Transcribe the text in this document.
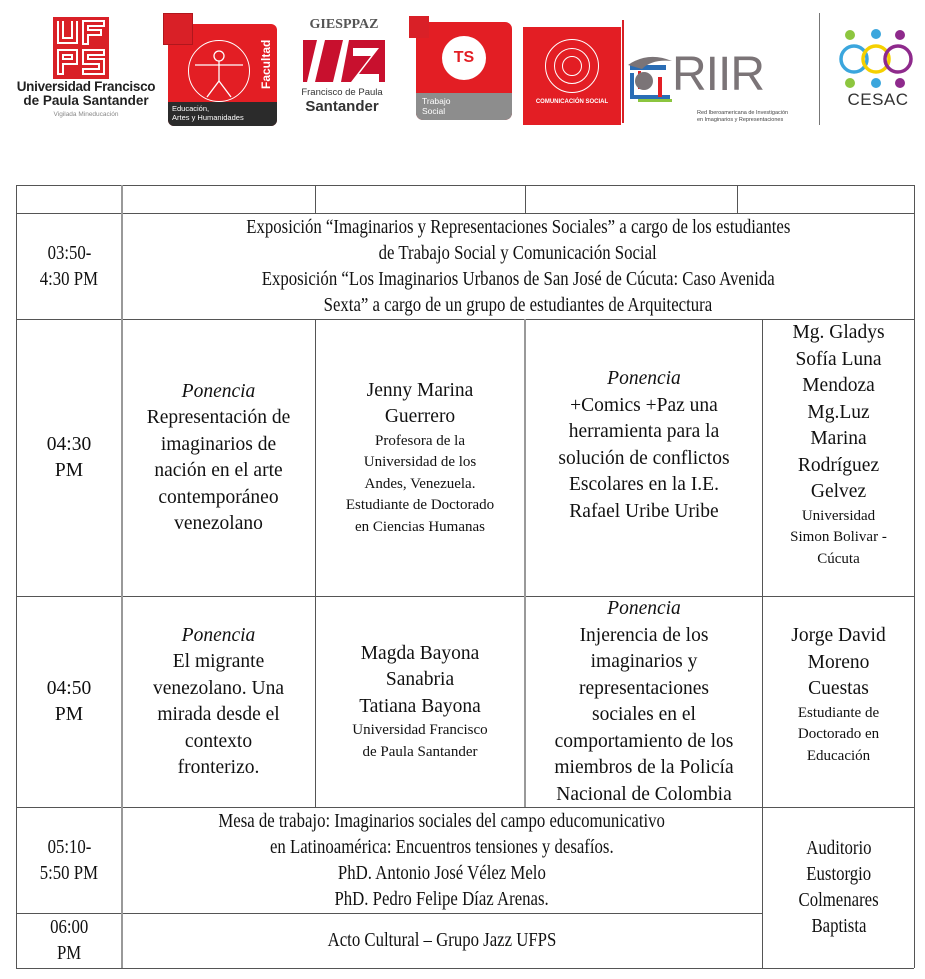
Universidad Francisco
de Paula Santander
Vigilada Mineducación
Facultad
Educación,
Artes y Humanidades
GIESPPAZ
Francisco de Paula
Santander
TS
Trabajo
Social
COMUNICACIÓN SOCIAL
RIIR
Red Iberoamericana de Investigación
en Imaginarios y Representaciones
CESAC
03:50-
4:30 PM
Exposición “Imaginarios y Representaciones Sociales” a cargo de los estudiantes
de Trabajo Social y Comunicación Social
Exposición “Los Imaginarios Urbanos de San José de Cúcuta: Caso Avenida
Sexta” a cargo de un grupo de estudiantes de Arquitectura
04:30
PM
Ponencia
Representación de
imaginarios de
nación en el arte
contemporáneo
venezolano
Jenny Marina
Guerrero
Profesora de la
Universidad de los
Andes, Venezuela.
Estudiante de Doctorado
en Ciencias Humanas
Ponencia
+Comics +Paz una
herramienta para la
solución de conflictos
Escolares en la I.E.
Rafael Uribe Uribe
Mg. Gladys
Sofía Luna
Mendoza
Mg.Luz
Marina
Rodríguez
Gelvez
Universidad
Simon Bolivar -
Cúcuta
04:50
PM
Ponencia
El migrante
venezolano. Una
mirada desde el
contexto
fronterizo.
Magda Bayona
Sanabria
Tatiana Bayona
Universidad Francisco
de Paula Santander
Ponencia
Injerencia de los
imaginarios y
representaciones
sociales en el
comportamiento de los
miembros de la Policía
Nacional de Colombia
Jorge David
Moreno
Cuestas
Estudiante de
Doctorado en
Educación
05:10-
5:50 PM
Mesa de trabajo: Imaginarios sociales del campo educomunicativo
en Latinoamérica: Encuentros tensiones y desafíos.
PhD. Antonio José Vélez Melo
PhD. Pedro Felipe Díaz Arenas.
06:00
PM
Acto Cultural – Grupo Jazz UFPS
Auditorio
Eustorgio
Colmenares
Baptista
